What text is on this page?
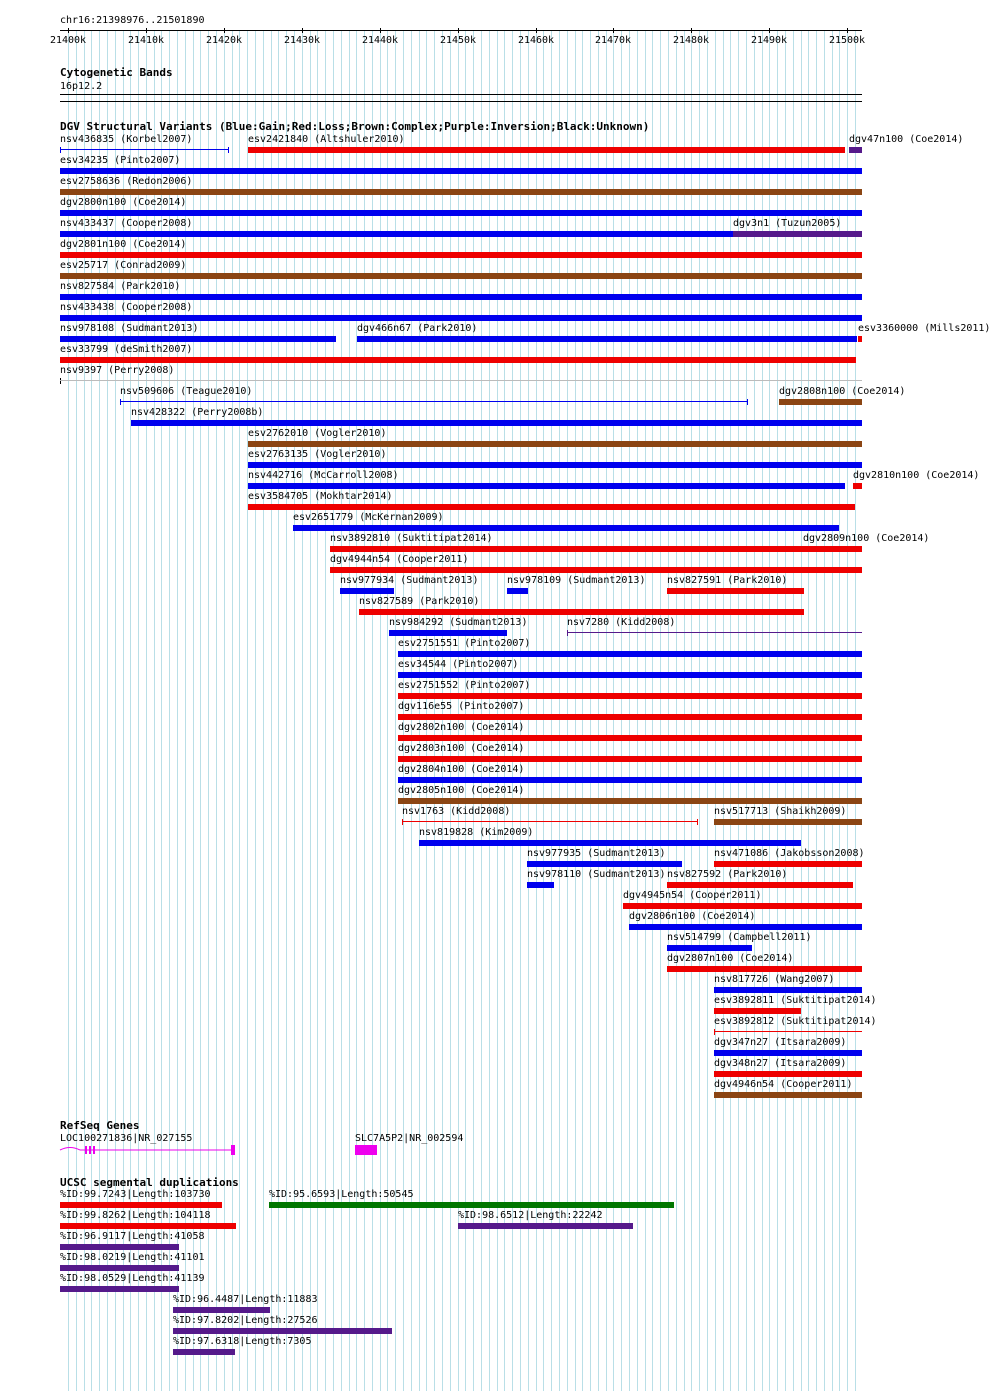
chr16:21398976..21501890
21400k	21410k	21420k	21430k	21440k	21450k	21460k	21470k	21480k	21490k	21500k
Cytogenetic Bands
16p12.2
DGV Structural Variants (Blue:Gain;Red:Loss;Brown:Complex;Purple:Inversion;Black:Unknown)
nsv436835 (Korbel2007)	esv2421840 (Altshuler2010)	dgv47n100 (Coe2014)
esv34235 (Pinto2007)
esv2758636 (Redon2006)
dgv2800n100 (Coe2014)
nsv433437 (Cooper2008)	dgv3n1 (Tuzun2005)
dgv2801n100 (Coe2014)
esv25717 (Conrad2009)
nsv827584 (Park2010)
nsv433438 (Cooper2008)
nsv978108 (Sudmant2013)	dgv466n67 (Park2010)	esv3360000 (Mills2011)
esv33799 (deSmith2007)
nsv9397 (Perry2008)
nsv509606 (Teague2010)	dgv2808n100 (Coe2014)
nsv428322 (Perry2008b)
esv2762010 (Vogler2010)
esv2763135 (Vogler2010)
nsv442716 (McCarroll2008)	dgv2810n100 (Coe2014)
esv3584705 (Mokhtar2014)
esv2651779 (McKernan2009)
nsv3892810 (Suktitipat2014)	dgv2809n100 (Coe2014)
dgv4944n54 (Cooper2011)
nsv977934 (Sudmant2013)	nsv978109 (Sudmant2013) nsv827591 (Park2010)
nsv827589 (Park2010)
nsv984292 (Sudmant2013)	nsv7280 (Kidd2008)
esv2751551 (Pinto2007)
esv34544 (Pinto2007)
esv2751552 (Pinto2007)
dgv116e55 (Pinto2007)
dgv2802n100 (Coe2014)
dgv2803n100 (Coe2014)
dgv2804n100 (Coe2014)
dgv2805n100 (Coe2014)
nsv1763 (Kidd2008)	nsv517713 (Shaikh2009)
nsv819828 (Kim2009)
nsv977935 (Sudmant2013)	nsv471086 (Jakobsson2008)
nsv978110 (Sudmant2013) nsv827592 (Park2010)
dgv4945n54 (Cooper2011)
dgv2806n100 (Coe2014)
nsv514799 (Campbell2011)
dgv2807n100 (Coe2014)
nsv817726 (Wang2007)
esv3892811 (Suktitipat2014)
esv3892812 (Suktitipat2014)
dgv347n27 (Itsara2009)
dgv348n27 (Itsara2009)
dgv4946n54 (Cooper2011)
RefSeq Genes
LOC100271836|NR_027155	SLC7A5P2|NR_002594
UCSC segmental duplications
%ID:99.7243|Length:103730	%ID:95.6593|Length:50545
%ID:99.8262|Length:104118	%ID:98.6512|Length:22242
%ID:96.9117|Length:41058
%ID:98.0219|Length:41101
%ID:98.0529|Length:41139
%ID:96.4487|Length:11883
%ID:97.8202|Length:27526
%ID:97.6318|Length:7305
